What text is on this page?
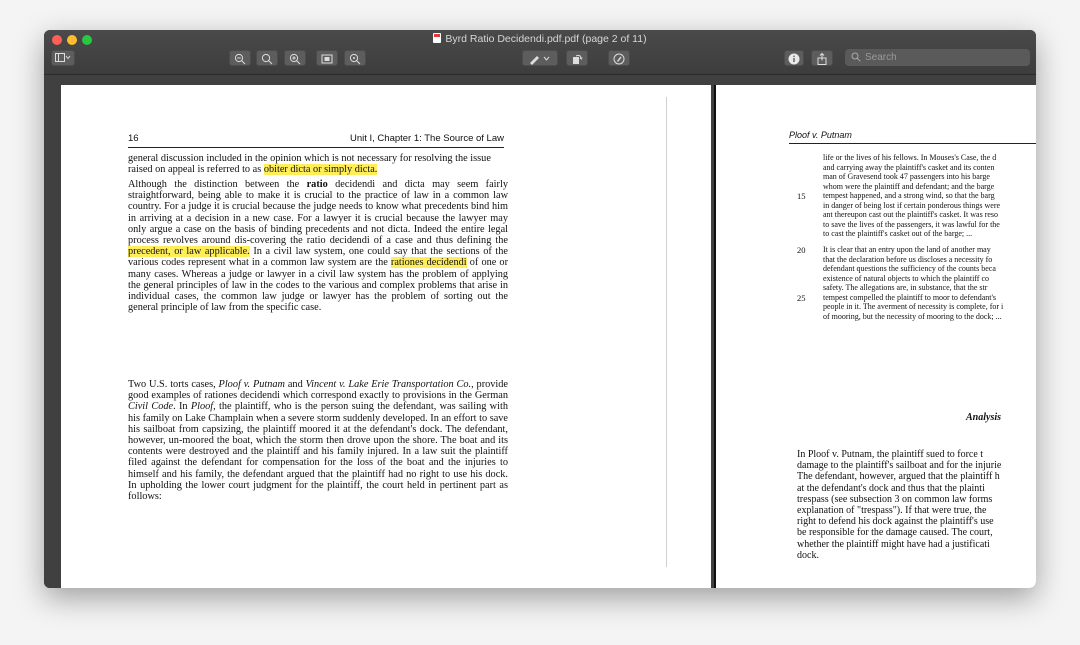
Byrd Ratio Decidendi.pdf.pdf (page 2 of 11)
Search
16	Unit I, Chapter 1: The Source of Law
general discussion included in the opinion which is not necessary for resolving the issue raised on appeal is referred to as obiter dicta or simply dicta.
Although the distinction between the ratio decidendi and dicta may seem fairly straightforward, being able to make it is crucial to the practice of law in a common law country. For a judge it is crucial because the judge needs to know what precedents bind him in arriving at a decision in a new case. For a lawyer it is crucial because the lawyer may only argue a case on the basis of binding precedents and not dicta. Indeed the entire legal process revolves around dis-covering the ratio decidendi of a case and thus defining the precedent, or law applicable. In a civil law system, one could say that the sections of the various codes represent what in a common law system are the rationes decidendi of one or many cases. Whereas a judge or lawyer in a civil law system has the problem of applying the general principles of law in the codes to the various and complex problems that arise in individual cases, the common law judge or lawyer has the problem of sorting out the general principle of law from the specific case.
Two U.S. torts cases, Ploof v. Putnam and Vincent v. Lake Erie Transportation Co., provide good examples of rationes decidendi which correspond exactly to provisions in the German Civil Code. In Ploof, the plaintiff, who is the person suing the defendant, was sailing with his family on Lake Champlain when a severe storm suddenly developed. In an effort to save his sailboat from capsizing, the plaintiff moored it at the defendant's dock. The defendant, however, un-moored the boat, which the storm then drove upon the shore. The boat and its contents were destroyed and the plaintiff and his family injured. In a law suit the plaintiff filed against the defendant for compensation for the loss of the boat and the injuries to himself and his family, the defendant argued that the plaintiff had no right to use his dock. In upholding the lower court judgment for the plaintiff, the court held in pertinent part as follows:
Ploof v. Putnam
life or the lives of his fellows. In Mouses's Case, the d
and carrying away the plaintiff's casket and its conten
man of Gravesend took 47 passengers into his barge
whom were the plaintiff and defendant; and the barge
15 tempest happened, and a strong wind, so that the barg
in danger of being lost if certain ponderous things were
ant thereupon cast out the plaintiff's casket. It was reso
to save the lives of the passengers, it was lawful for the
to cast the plaintiff's casket out of the barge; ...
20 It is clear that an entry upon the land of another may
that the declaration before us discloses a necessity fo
defendant questions the sufficiency of the counts beca
existence of natural objects to which the plaintiff co
safety. The allegations are, in substance, that the str
25 tempest compelled the plaintiff to moor to defendant's
people in it. The averment of necessity is complete, for i
of mooring, but the necessity of mooring to the dock; ...
Analysis

In Ploof v. Putnam, the plaintiff sued to force t

damage to the plaintiff's sailboat and for the injurie

The defendant, however, argued that the plaintiff h

at the defendant's dock and thus that the plainti

trespass (see subsection 3 on common law forms

explanation of "trespass"). If that were true, the

right to defend his dock against the plaintiff's use

be responsible for the damage caused. The court,

whether the plaintiff might have had a justificati

dock.
